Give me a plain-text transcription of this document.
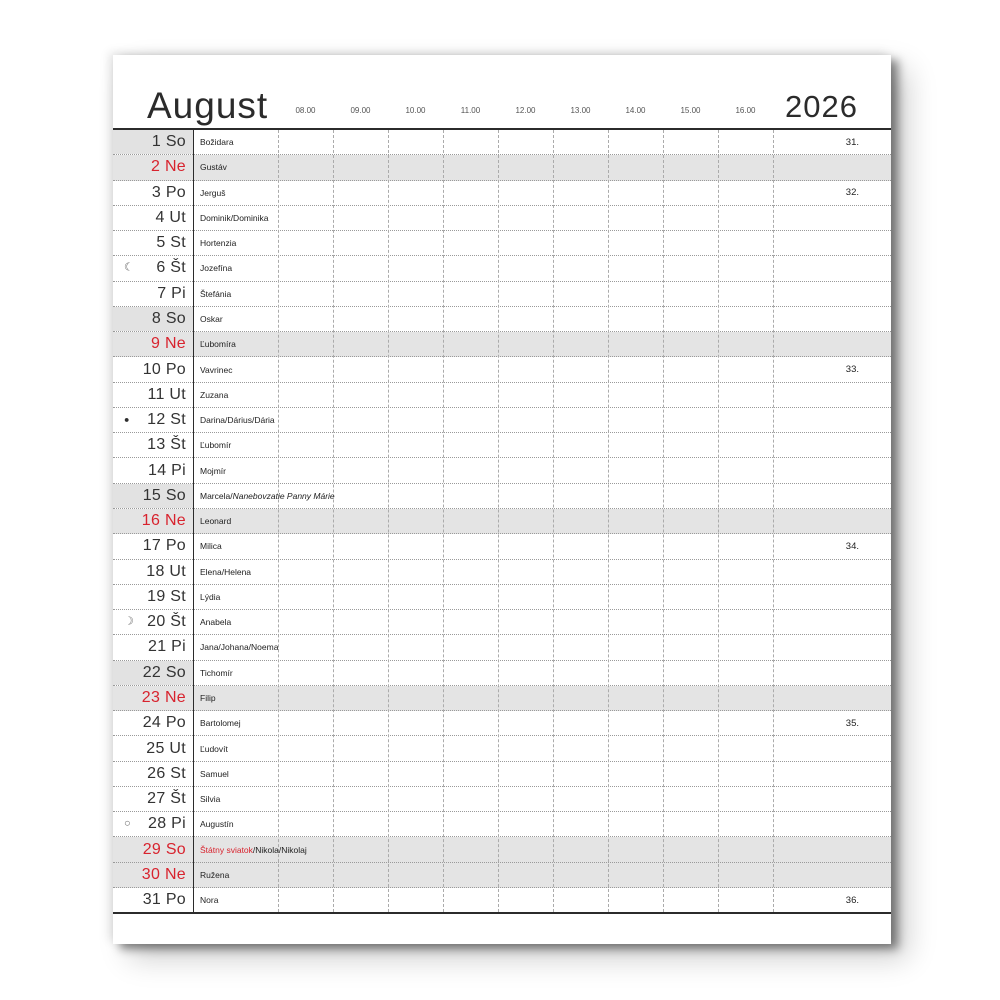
August	08.00	09.00	10.00	11.00	12.00	13.00	14.00	15.00	16.00 2026
1 So Božidara	31.
2 Ne Gustáv
3 Po Jerguš	32.
4 Ut Dominik/Dominika
5 St Hortenzia
☾ 6 Št Jozefína
7 Pi Štefánia
8 So Oskar
9 Ne Ľubomíra
10 Po Vavrinec	33.
11 Ut Zuzana
● 12 St Darina/Dárius/Dária
13 Št Ľubomír
14 Pi Mojmír
15 So Marcela/ Nanebovzatie Panny Márie
16 Ne Leonard
17 Po Milica	34.
18 Ut Elena/Helena
19 St Lýdia
☽ 20 Št Anabela
21 Pi Jana/Johana/Noema
22 So Tichomír
23 Ne Filip
24 Po Bartolomej	35.
25 Ut Ľudovít
26 St Samuel
27 Št Silvia
○ 28 Pi Augustín
29 So Štátny sviatok /Nikola/Nikolaj
30 Ne Ružena
31 Po Nora	36.
